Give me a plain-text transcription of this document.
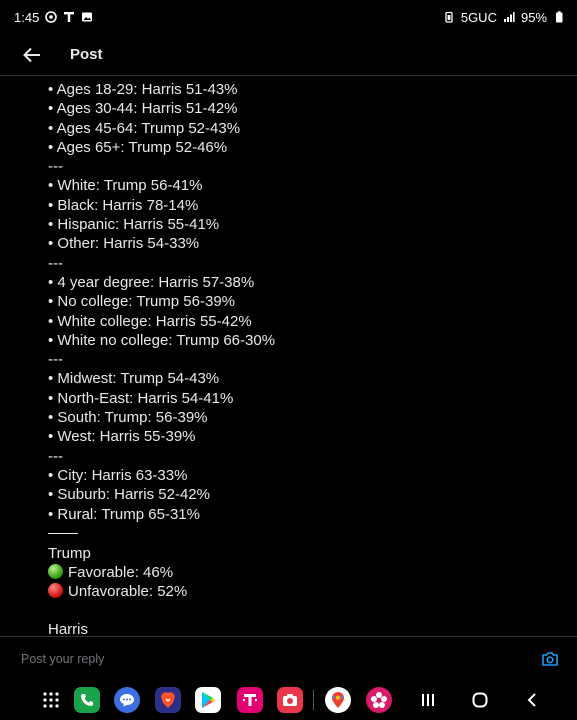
1:45	5GUC 95%
Post
• Ages 18-29: Harris 51-43%
• Ages 30-44: Harris 51-42%
• Ages 45-64: Trump 52-43%
• Ages 65+: Trump 52-46%
---
• White: Trump 56-41%
• Black: Harris 78-14%
• Hispanic: Harris 55-41%
• Other: Harris 54-33%
---
• 4 year degree: Harris 57-38%
• No college: Trump 56-39%
• White college: Harris 55-42%
• White no college: Trump 66-30%
---
• Midwest: Trump 54-43%
• North-East: Harris 54-41%
• South: Trump: 56-39%
• West: Harris 55-39%
---
• City: Harris 63-33%
• Suburb: Harris 52-42%
• Rural: Trump 65-31%
Trump
Favorable: 46%
Unfavorable: 52%
Harris
Post your reply
